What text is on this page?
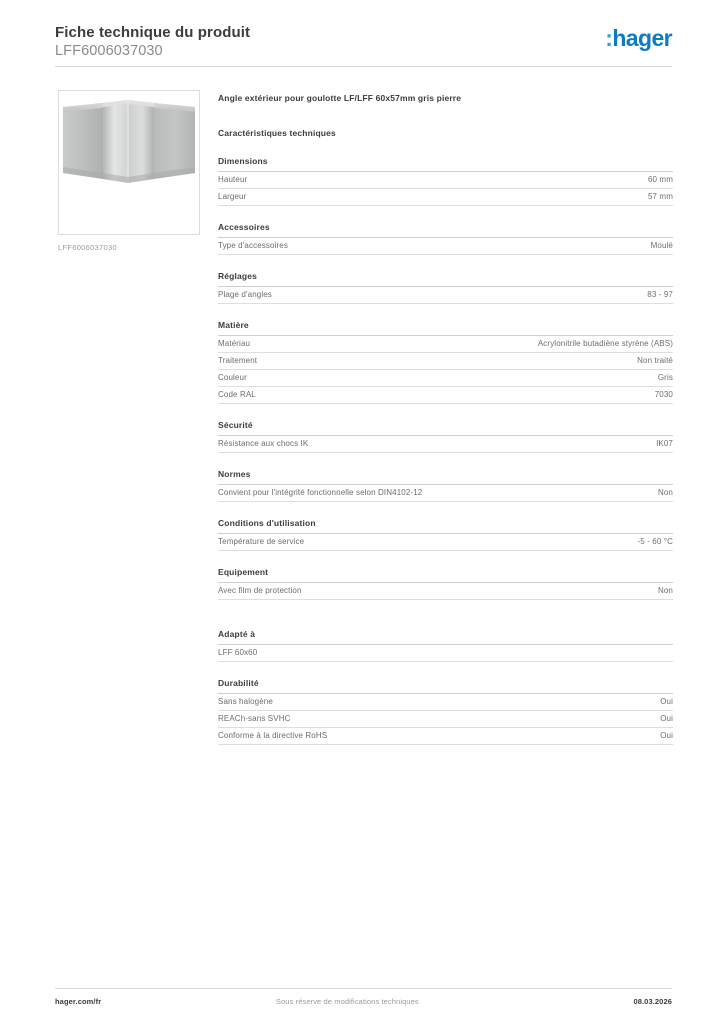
Fiche technique du produit
LFF6006037030	:hager
LFF6006037030
Angle extérieur pour goulotte LF/LFF 60x57mm gris pierre
Caractéristiques techniques
Dimensions
Hauteur	60 mm
Largeur	57 mm
Accessoires
Type d'accessoires	Moulé
Réglages
Plage d'angles	83 - 97
Matière
Matériau	Acrylonitrile butadiène styrène (ABS)
Traitement	Non traité
Couleur	Gris
Code RAL	7030
Sécurité
Résistance aux chocs IK	IK07
Normes
Convient pour l'intégrité fonctionnelle selon DIN4102-12	Non
Conditions d'utilisation
Température de service	-5 - 60 °C
Equipement
Avec film de protection	Non
Adapté à
LFF 60x60
Durabilité
Sans halogène	Oui
REACh-sans SVHC	Oui
Conforme à la directive RoHS	Oui
hager.com/fr	Sous réserve de modifications techniques	08.03.2026
